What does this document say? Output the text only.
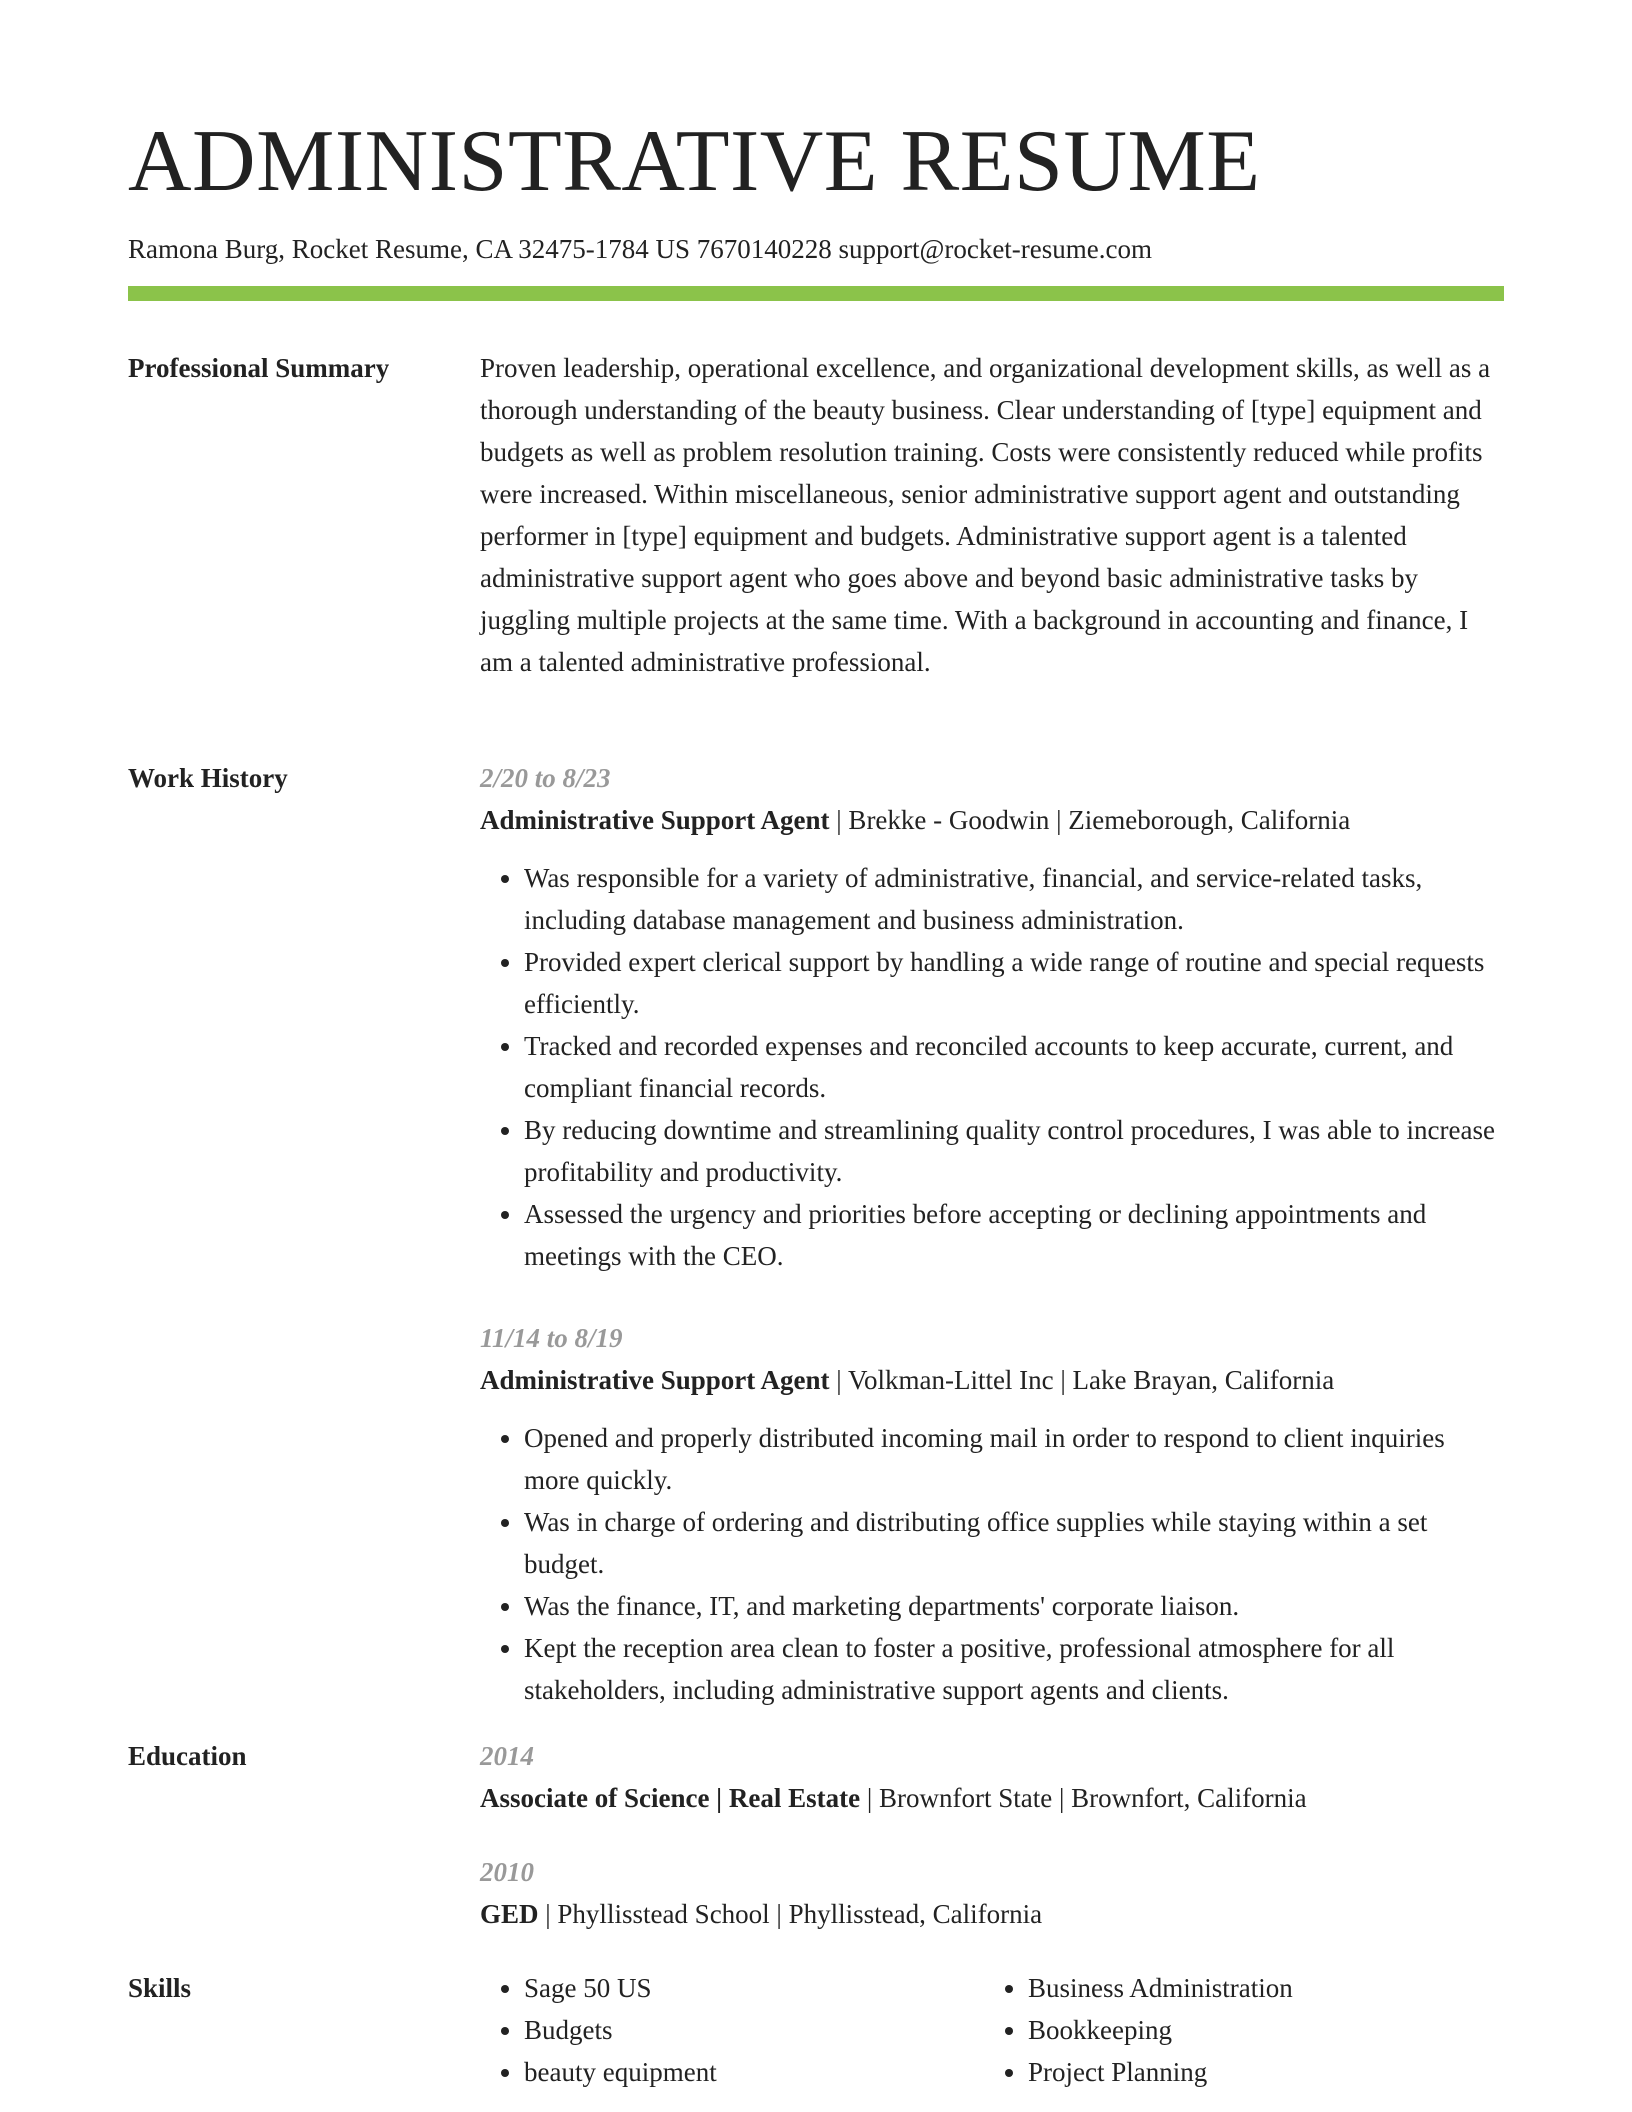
ADMINISTRATIVE RESUME
Ramona Burg, Rocket Resume, CA 32475-1784 US 7670140228 support@rocket-resume.com
Professional Summary	Proven leadership, operational excellence, and organizational development skills, as well as a thorough understanding of the beauty business. Clear understanding of [type] equipment and budgets as well as problem resolution training. Costs were consistently reduced while profits were increased. Within miscellaneous, senior administrative support agent and outstanding performer in [type] equipment and budgets. Administrative support agent is a talented administrative support agent who goes above and beyond basic administrative tasks by juggling multiple projects at the same time. With a background in accounting and finance, I am a talented administrative professional.

Work History	2/20 to 8/23
Administrative Support Agent | Brekke - Goodwin | Ziemeborough, California
• Was responsible for a variety of administrative, financial, and service-related tasks, including database management and business administration.
• Provided expert clerical support by handling a wide range of routine and special requests efficiently.
• Tracked and recorded expenses and reconciled accounts to keep accurate, current, and compliant financial records.
• By reducing downtime and streamlining quality control procedures, I was able to increase profitability and productivity.
• Assessed the urgency and priorities before accepting or declining appointments and meetings with the CEO.
11/14 to 8/19
Administrative Support Agent | Volkman-Littel Inc | Lake Brayan, California
• Opened and properly distributed incoming mail in order to respond to client inquiries more quickly.
• Was in charge of ordering and distributing office supplies while staying within a set budget.
• Was the finance, IT, and marketing departments' corporate liaison.
• Kept the reception area clean to foster a positive, professional atmosphere for all stakeholders, including administrative support agents and clients.
Education	2014
Associate of Science | Real Estate | Brownfort State | Brownfort, California
2010
GED | Phyllisstead School | Phyllisstead, California
Skills
•	Sage 50 US
• Budgets
• beauty equipment
• Business Administration
• Bookkeeping
• Project Planning
